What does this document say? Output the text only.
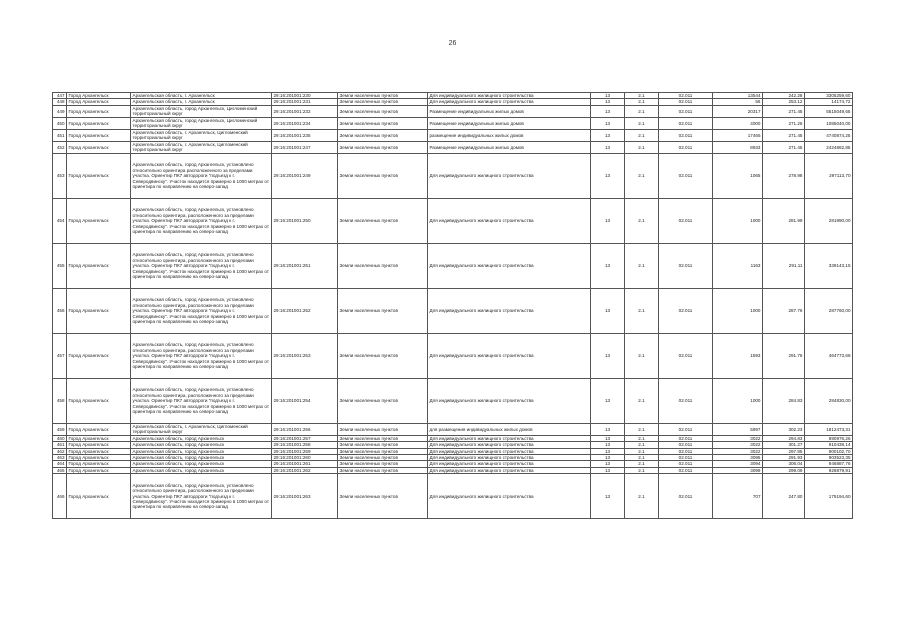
26
447	Город Архангельск	Архангельская область, г. Архангельск	29:16:201001:230	Земли населенных пунктов	Для индивидуального жилищного строительства	13	2.1	02.011	13544	242.28	3305259,60
448	Город Архангельск	Архангельская область, г. Архангельск	29:16:201001:231	Земли населенных пунктов	Для индивидуального жилищного строительства	13	2.1	02.011	56	253.12	14174,72
449	Город Архангельск	Архангельская область, город Архангельск, Цигломенский территориальный округ	29:16:201001:232	Земли населенных пунктов	Размещение индивидуальных жилых домов	13	2.1	02.011	20317	271.45	5515049,65
450	Город Архангельск	Архангельская область, город Архангельск, Цигломенский территориальный округ	29:16:201001:234	Земли населенных пунктов	Размещение индивидуальных жилых домов	13	2.1	02.011	4000	271.26	1085040,00
451	Город Архангельск	Архангельская область, г. Архангельск, Цигломенский территориальный округ	29:16:201001:235	Земли населенных пунктов	размещение индивидуальных жилых домов	13	2.1	02.011	17465	271.45	4740874,25
452	Город Архангельск	Архангельская область, г. Архангельск, Цигломенский территориальный округ	29:16:201001:247	Земли населенных пунктов	Размещение индивидуальных жилых домов	13	2.1	02.011	8933	271.45	2424862,85
453	Город Архангельск	Архангельская область, город Архангельск, установлено относительно ориентира расположенного за пределами участка. Ориентир ПК7 автодороги "подъезд к г. Северодвинску". Участок находится примерно в 1000 метрах от ориентира по направлению на северо-запад	29:16:201001:249	Земли населенных пунктов	Для индивидуального жилищного строительства	13	2.1	02.011	1065	278.98	297113,70
454	Город Архангельск	Архангельская область, город Архангельск, установлено относительно ориентира, расположенного за пределами участка. Ориентир ПК7 автодороги "подъезд к г. Северодвинску". Участок находится примерно в 1000 метрах от ориентира по направлению на северо-запад	29:16:201001:250	Земли населенных пунктов	Для индивидуального жилищного строительства	13	2.1	02.011	1000	281.99	281990,00
455	Город Архангельск	Архангельская область, город Архангельск, установлено относительно ориентира, расположенного за пределами участка. Ориентир ПК7 автодороги "подъезд к г. Северодвинску". Участок находится примерно в 1000 метрах от ориентира по направлению на северо-запад	29:16:201001:251	Земли населенных пунктов	Для индивидуального жилищного строительства	13	2.1	02.011	1163	291.11	339143,15
456	Город Архангельск	Архангельская область, город Архангельск, установлено относительно ориентира, расположенного за пределами участка. Ориентир ПК7 автодороги "подъезд к г. Северодвинску". Участок находится примерно в 1000 метрах от ориентира по направлению на северо-запад	29:16:201001:252	Земли населенных пунктов	Для индивидуального жилищного строительства	13	2.1	02.011	1000	287.76	287760,00
457	Город Архангельск	Архангельская область, город Архангельск, установлено относительно ориентира, расположенного за пределами участка. Ориентир ПК7 автодороги "подъезд к г. Северодвинску". Участок находится примерно в 1000 метрах от ориентира по направлению на северо-запад	29:16:201001:253	Земли населенных пунктов	Для индивидуального жилищного строительства	13	2.1	02.011	1593	291.76	464773,68
458	Город Архангельск	Архангельская область, город Архангельск, установлено относительно ориентира, расположенного за пределами участка. Ориентир ПК7 автодороги "подъезд к г. Северодвинску". Участок находится примерно в 1000 метрах от ориентира по направлению на северо-запад	29:16:201001:254	Земли населенных пунктов	Для индивидуального жилищного строительства	13	2.1	02.011	1000	284.83	284830,00
459	Город Архангельск	Архангельская область, г. Архангельск, Цигломенский территориальный округ	29:16:201001:256	Земли населенных пунктов	для размещения индивидуальных жилых домов	13	2.1	02.011	5997	302.23	1812473,31
460	Город Архангельск	Архангельская область, город Архангельск	29:16:201001:257	Земли населенных пунктов	Для индивидуального жилищного строительства	13	2.1	02.011	3022	294.83	890976,26
461	Город Архангельск	Архангельская область, город Архангельск	29:16:201001:258	Земли населенных пунктов	Для индивидуального жилищного строительства	13	2.1	02.011	3022	301.27	910438,14
462	Город Архангельск	Архангельская область, город Архангельск	29:16:201001:259	Земли населенных пунктов	Для индивидуального жилищного строительства	13	2.1	02.011	3022	297.85	900102,70
463	Город Архангельск	Архангельская область, город Архангельск	29:16:201001:260	Земли населенных пунктов	Для индивидуального жилищного строительства	13	2.1	02.011	3095	291.93	903523,35
464	Город Архангельск	Архангельская область, город Архангельск	29:16:201001:261	Земли населенных пунктов	Для индивидуального жилищного строительства	13	2.1	02.011	3094	306.04	946887,76
465	Город Архангельск	Архангельская область, город Архангельск	29:16:201001:262	Земли населенных пунктов	Для индивидуального жилищного строительства	13	2.1	02.011	3099	299.09	926879,91
466	Город Архангельск	Архангельская область, город Архангельск, установлено относительно ориентира, расположенного за пределами участка. Ориентир ПК7 автодороги "подъезд к г. Северодвинску". Участок находится примерно в 1000 метрах от ориентира по направлению на северо-запад	29:16:201001:263	Земли населенных пунктов	Для индивидуального жилищного строительства	13	2.1	02.011	707	247.80	175194,60
